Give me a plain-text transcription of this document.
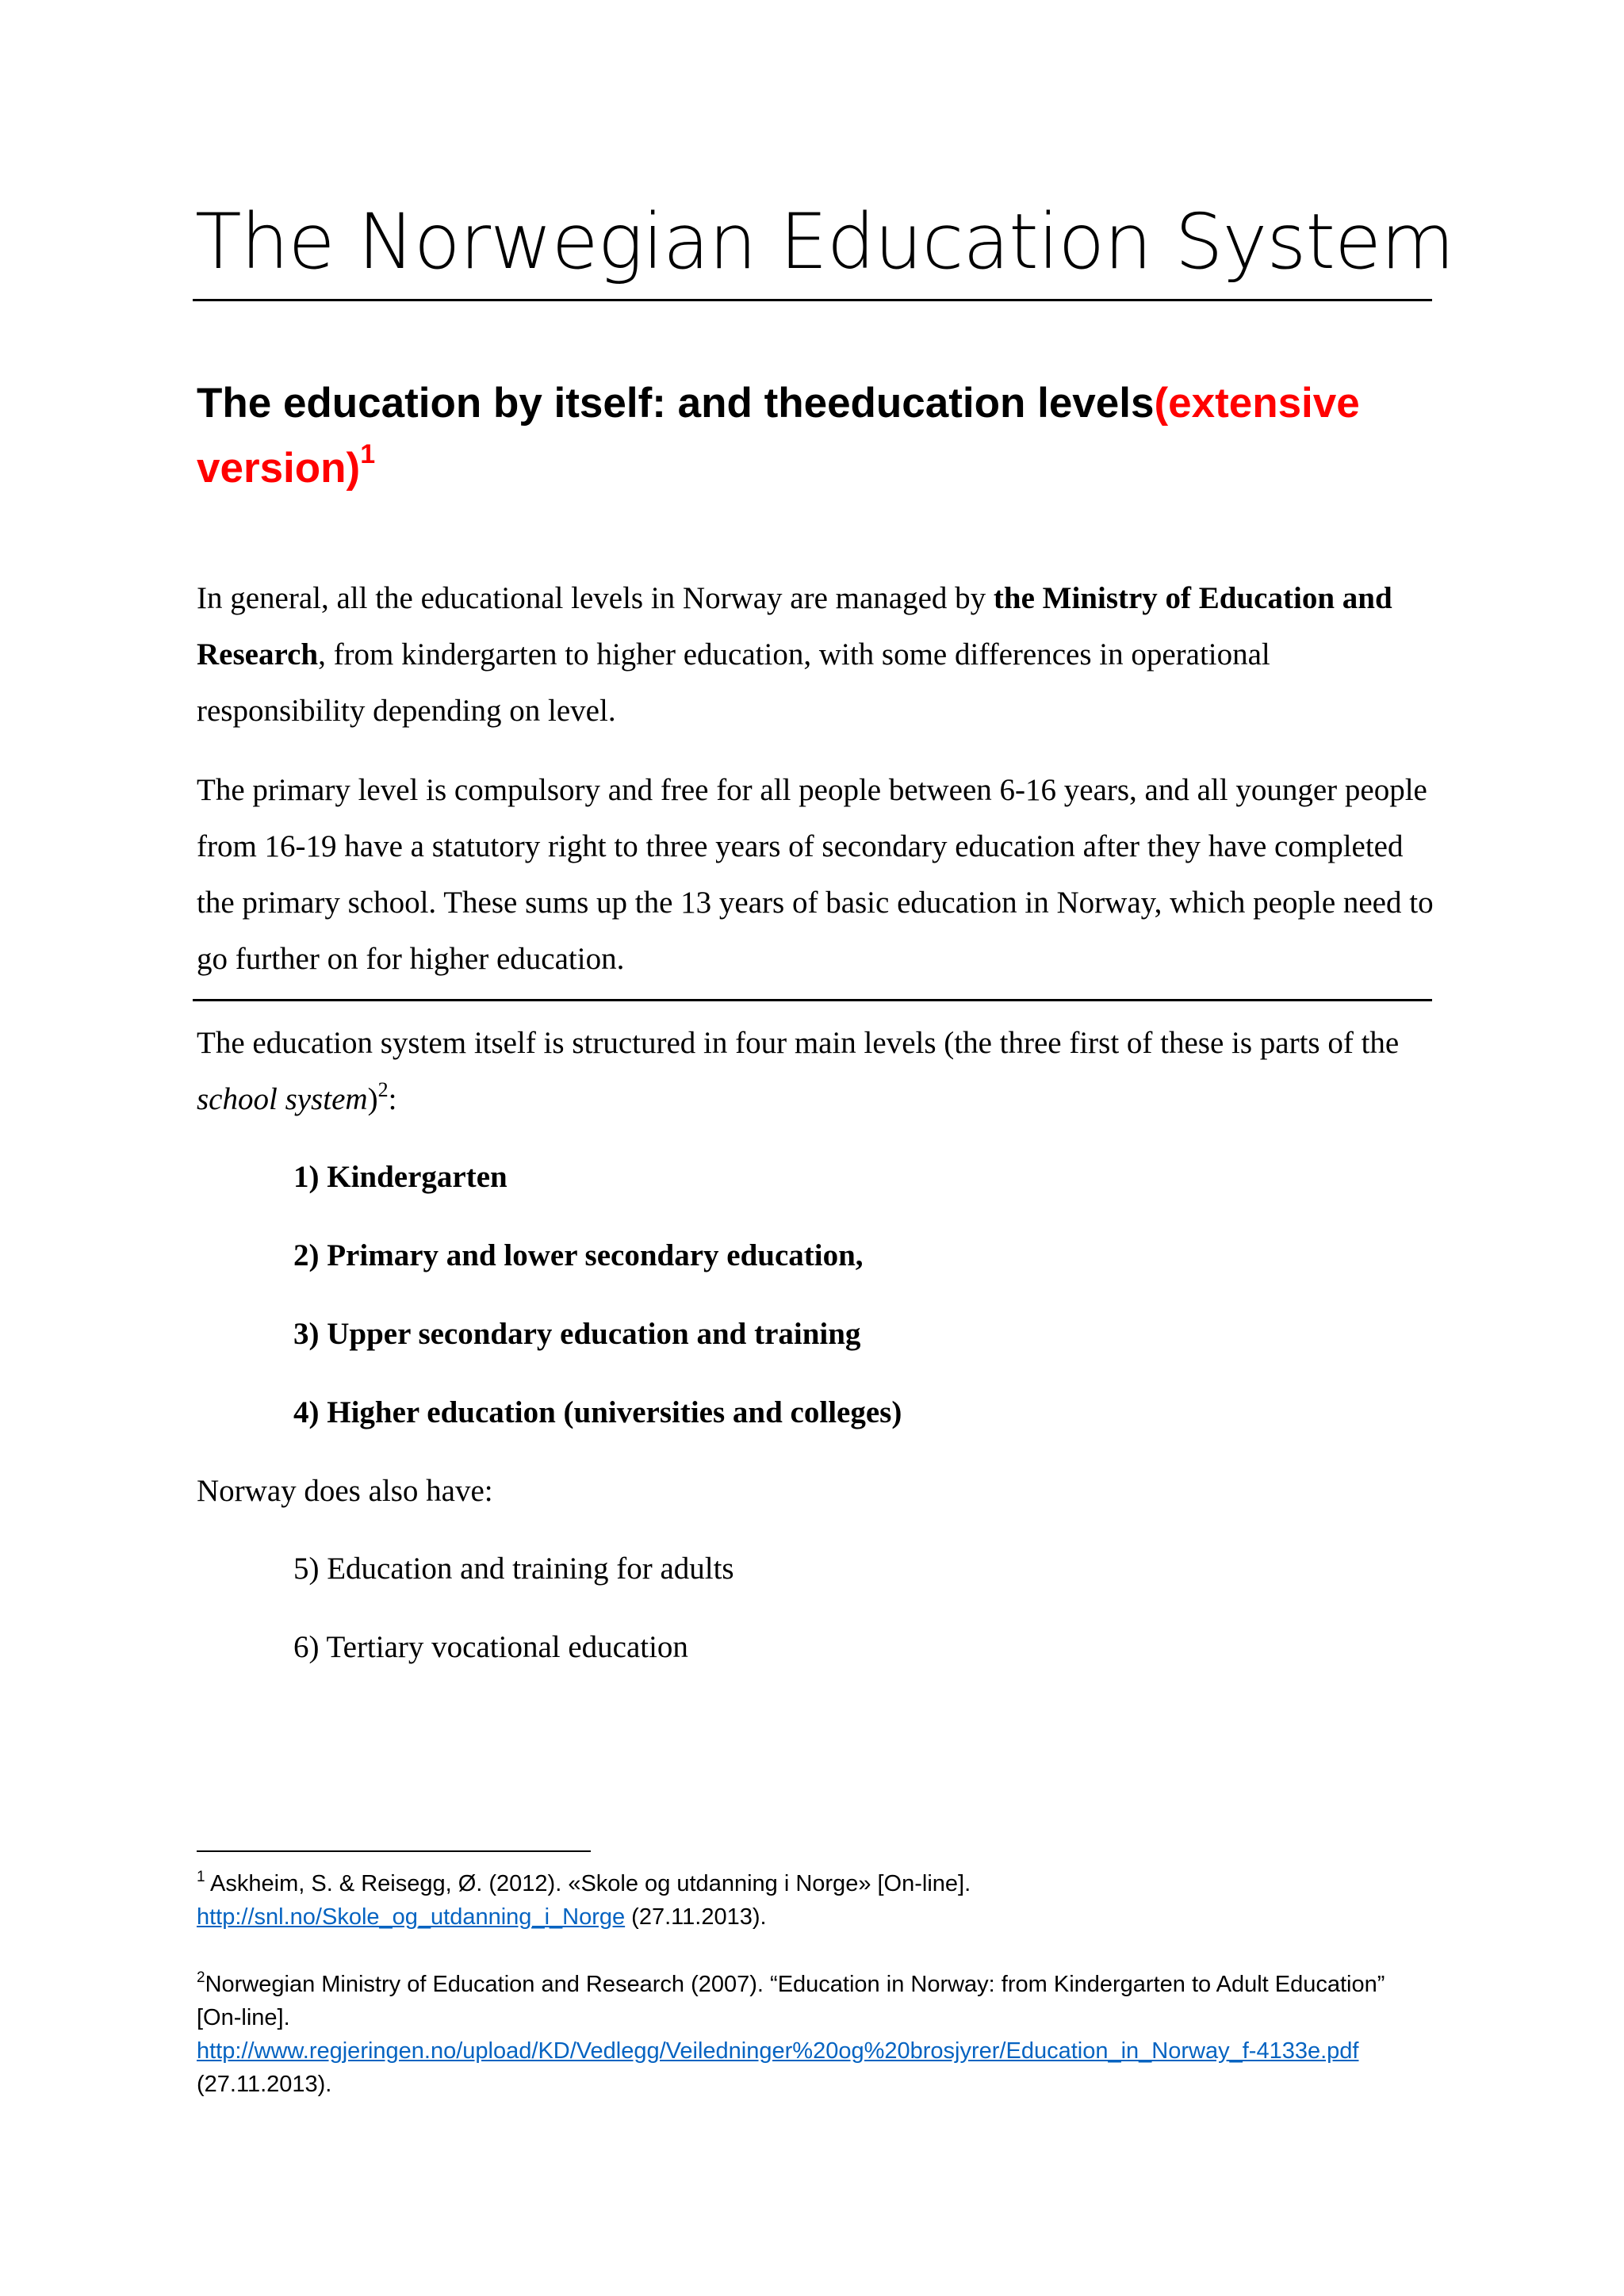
The Norwegian Education System
The education by itself: and theeducation levels(extensive version)$^1$

In general, all the educational levels in Norway are managed by the Ministry of Education and Research, from kindergarten to higher education, with some differences in operational responsibility depending on level.

The primary level is compulsory and free for all people between 6-16 years, and all younger people from 16-19 have a statutory right to three years of secondary education after they have completed the primary school. These sums up the 13 years of basic education in Norway, which people need to go further on for higher education.

The education system itself is structured in four main levels (the three first of these is parts of the school system)$^2$:

1) Kindergarten

2) Primary and lower secondary education,

3) Upper secondary education and training

4) Higher education (universities and colleges)

Norway does also have:

5) Education and training for adults

6) Tertiary vocational education

$^1$ Askheim, S. & Reisegg, Ø. (2012). «Skole og utdanning i Norge» [On-line].
http://snl.no/Skole_og_utdanning_i_Norge (27.11.2013).

$^2$Norwegian Ministry of Education and Research (2007). “Education in Norway: from Kindergarten to Adult Education” [On-line].
http://www.regjeringen.no/upload/KD/Vedlegg/Veiledninger%20og%20brosjyrer/Education_in_Norway_f-4133e.pdf (27.11.2013).
